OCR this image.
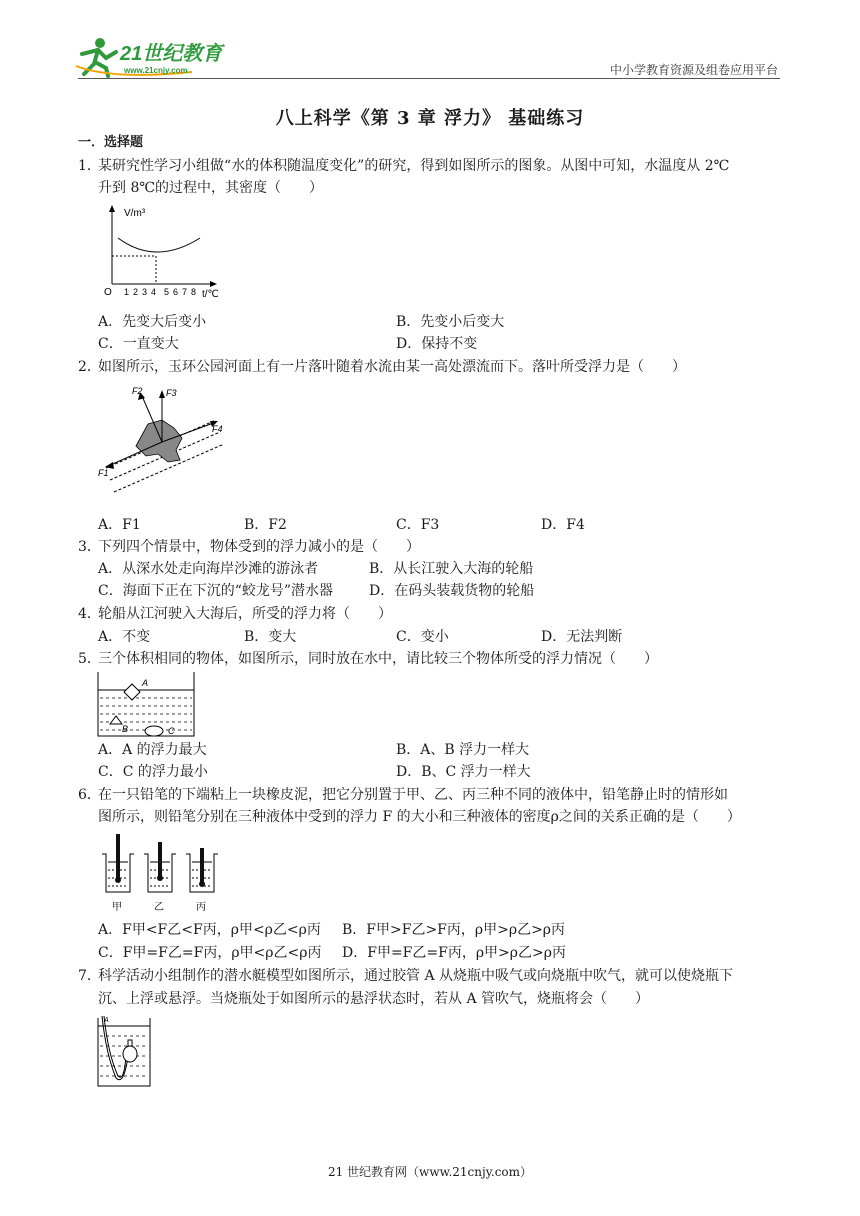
21世纪教育
www.21cnjy.com	中小学教育资源及组卷应用平台
八上科学《第 3 章 浮力》 基础练习
一．选择题
1．
某研究性学习小组做“水的体积随温度变化”的研究，得到如图所示的图象。从图中可知，水温度从 2℃
升到 8℃的过程中，其密度（　　）
V/m³
O 1 2 3 4 5 6 7 8 t/℃
A．先变大后变小	B．先变小后变大
C．一直变大	D．保持不变
2．
如图所示，玉环公园河面上有一片落叶随着水流由某一高处漂流而下。落叶所受浮力是（　　）
F2	F3
F4
F1
A．F1	B．F2	C．F3	D．F4
3．
下列四个情景中，物体受到的浮力减小的是（　　）
A．从深水处走向海岸沙滩的游泳者	B．从长江驶入大海的轮船
C．海面下正在下沉的“蛟龙号”潜水器	D．在码头装载货物的轮船
4．
轮船从江河驶入大海后，所受的浮力将（　　）
A．不变	B．变大	C．变小	D．无法判断
5．
三个体积相同的物体，如图所示，同时放在水中，请比较三个物体所受的浮力情况（　　）
A
B	C
A．A 的浮力最大	B．A、B 浮力一样大
C．C 的浮力最小	D．B、C 浮力一样大
6．
在一只铅笔的下端粘上一块橡皮泥，把它分别置于甲、乙、丙三种不同的液体中，铅笔静止时的情形如
图所示，则铅笔分别在三种液体中受到的浮力 F 的大小和三种液体的密度ρ之间的关系正确的是（　　）
甲	乙	丙
A．F甲<F乙<F丙，ρ甲<ρ乙<ρ丙 B．F甲>F乙>F丙，ρ甲>ρ乙>ρ丙
C．F甲=F乙=F丙，ρ甲<ρ乙<ρ丙 D．F甲=F乙=F丙，ρ甲>ρ乙>ρ丙
7．
科学活动小组制作的潜水艇模型如图所示，通过胶管 A 从烧瓶中吸气或向烧瓶中吹气，就可以使烧瓶下
沉、上浮或悬浮。当烧瓶处于如图所示的悬浮状态时，若从 A 管吹气，烧瓶将会（　　）
A
21 世纪教育网（www.21cnjy.com）
